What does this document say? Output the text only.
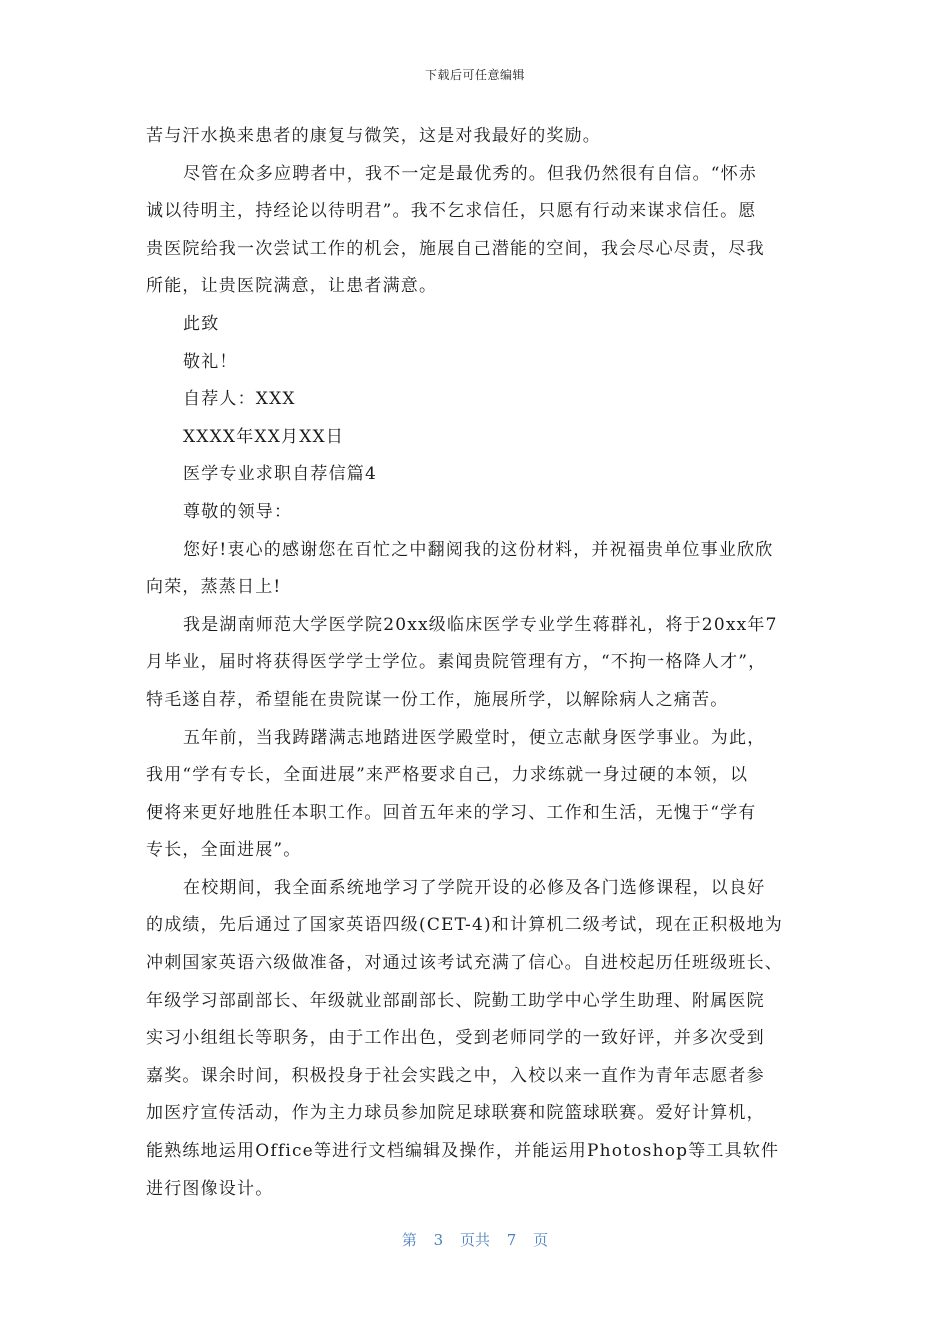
下载后可任意编辑
苦与汗水换来患者的康复与微笑，这是对我最好的奖励。
尽管在众多应聘者中，我不一定是最优秀的。但我仍然很有自信。“怀赤
诚以待明主，持经论以待明君”。我不乞求信任，只愿有行动来谋求信任。愿
贵医院给我一次尝试工作的机会，施展自己潜能的空间，我会尽心尽责，尽我
所能，让贵医院满意，让患者满意。
此致
敬礼！
自荐人：XXX
XXXX年XX月XX日
医学专业求职自荐信篇4
尊敬的领导：
您好!衷心的感谢您在百忙之中翻阅我的这份材料，并祝福贵单位事业欣欣
向荣，蒸蒸日上!
我是湖南师范大学医学院20xx级临床医学专业学生蒋群礼，将于20xx年7
月毕业，届时将获得医学学士学位。素闻贵院管理有方，“不拘一格降人才”，
特毛遂自荐，希望能在贵院谋一份工作，施展所学，以解除病人之痛苦。
五年前，当我踌躇满志地踏进医学殿堂时，便立志献身医学事业。为此，
我用“学有专长，全面进展”来严格要求自己，力求练就一身过硬的本领，以
便将来更好地胜任本职工作。回首五年来的学习、工作和生活，无愧于“学有
专长，全面进展”。
在校期间，我全面系统地学习了学院开设的必修及各门选修课程，以良好
的成绩，先后通过了国家英语四级(CET-4)和计算机二级考试，现在正积极地为
冲刺国家英语六级做准备，对通过该考试充满了信心。自进校起历任班级班长、
年级学习部副部长、年级就业部副部长、院勤工助学中心学生助理、附属医院
实习小组组长等职务，由于工作出色，受到老师同学的一致好评，并多次受到
嘉奖。课余时间，积极投身于社会实践之中，入校以来一直作为青年志愿者参
加医疗宣传活动，作为主力球员参加院足球联赛和院篮球联赛。爱好计算机，
能熟练地运用Office等进行文档编辑及操作，并能运用Photoshop等工具软件
进行图像设计。
第 3 页共 7 页
